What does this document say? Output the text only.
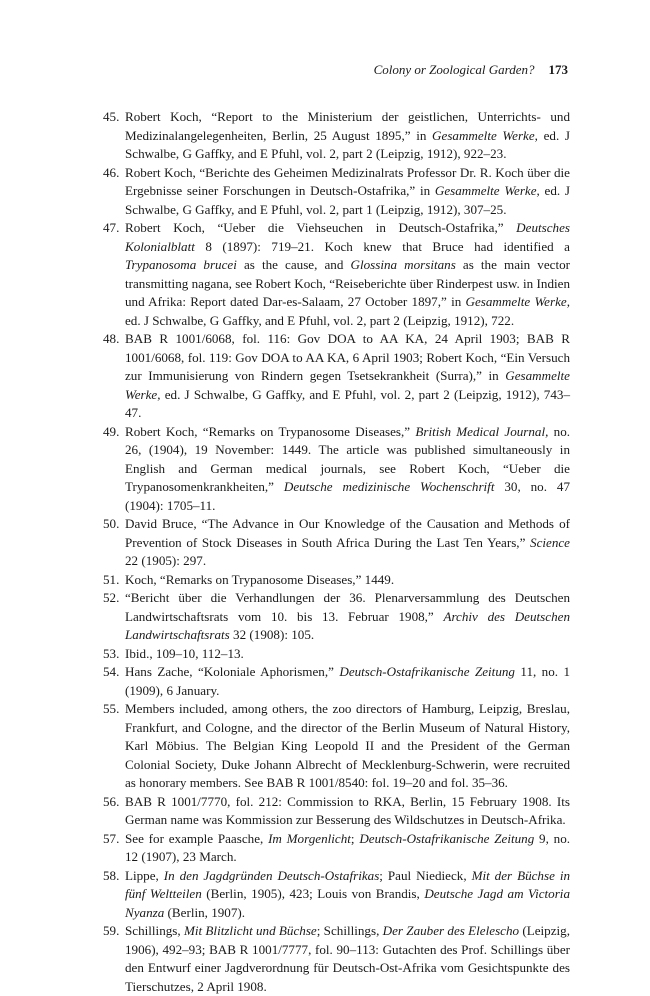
Colony or Zoological Garden? 173
45. Robert Koch, “Report to the Ministerium der geistlichen, Unterrichts- und Medizinalangelegenheiten, Berlin, 25 August 1895,” in Gesammelte Werke, ed. J Schwalbe, G Gaffky, and E Pfuhl, vol. 2, part 2 (Leipzig, 1912), 922–23.
46. Robert Koch, “Berichte des Geheimen Medizinalrats Professor Dr. R. Koch über die Ergebnisse seiner Forschungen in Deutsch-Ostafrika,” in Gesammelte Werke, ed. J Schwalbe, G Gaffky, and E Pfuhl, vol. 2, part 1 (Leipzig, 1912), 307–25.
47. Robert Koch, “Ueber die Viehseuchen in Deutsch-Ostafrika,” Deutsches Kolonialblatt 8 (1897): 719–21. Koch knew that Bruce had identified a Trypanosoma brucei as the cause, and Glossina morsitans as the main vector transmitting nagana, see Robert Koch, “Reiseberichte über Rinderpest usw. in Indien und Afrika: Report dated Dar-es-Salaam, 27 October 1897,” in Gesammelte Werke, ed. J Schwalbe, G Gaffky, and E Pfuhl, vol. 2, part 2 (Leipzig, 1912), 722.
48. BAB R 1001/6068, fol. 116: Gov DOA to AA KA, 24 April 1903; BAB R 1001/6068, fol. 119: Gov DOA to AA KA, 6 April 1903; Robert Koch, “Ein Versuch zur Immunisierung von Rindern gegen Tsetsekrankheit (Surra),” in Gesammelte Werke, ed. J Schwalbe, G Gaffky, and E Pfuhl, vol. 2, part 2 (Leipzig, 1912), 743–47.
49. Robert Koch, “Remarks on Trypanosome Diseases,” British Medical Journal, no. 26, (1904), 19 November: 1449. The article was published simultaneously in English and German medical journals, see Robert Koch, “Ueber die Trypanosomenkrankheiten,” Deutsche medizinische Wochenschrift 30, no. 47 (1904): 1705–11.
50. David Bruce, “The Advance in Our Knowledge of the Causation and Methods of Prevention of Stock Diseases in South Africa During the Last Ten Years,” Science 22 (1905): 297.
51. Koch, “Remarks on Trypanosome Diseases,” 1449.
52. “Bericht über die Verhandlungen der 36. Plenarversammlung des Deutschen Landwirtschaftsrats vom 10. bis 13. Februar 1908,” Archiv des Deutschen Landwirtschaftsrats 32 (1908): 105.
53. Ibid., 109–10, 112–13.
54. Hans Zache, “Koloniale Aphorismen,” Deutsch-Ostafrikanische Zeitung 11, no. 1 (1909), 6 January.
55. Members included, among others, the zoo directors of Hamburg, Leipzig, Breslau, Frankfurt, and Cologne, and the director of the Berlin Museum of Natural History, Karl Möbius. The Belgian King Leopold II and the President of the German Colonial Society, Duke Johann Albrecht of Mecklenburg-Schwerin, were recruited as honorary members. See BAB R 1001/8540: fol. 19–20 and fol. 35–36.
56. BAB R 1001/7770, fol. 212: Commission to RKA, Berlin, 15 February 1908. Its German name was Kommission zur Besserung des Wildschutzes in Deutsch-Afrika.
57. See for example Paasche, Im Morgenlicht; Deutsch-Ostafrikanische Zeitung 9, no. 12 (1907), 23 March.
58. Lippe, In den Jagdgründen Deutsch-Ostafrikas; Paul Niedieck, Mit der Büchse in fünf Weltteilen (Berlin, 1905), 423; Louis von Brandis, Deutsche Jagd am Victoria Nyanza (Berlin, 1907).
59. Schillings, Mit Blitzlicht und Büchse; Schillings, Der Zauber des Elelescho (Leipzig, 1906), 492–93; BAB R 1001/7777, fol. 90–113: Gutachten des Prof. Schillings über den Entwurf einer Jagdverordnung für Deutsch-Ost-Afrika vom Gesichtspunkte des Tierschutzes, 2 April 1908.
